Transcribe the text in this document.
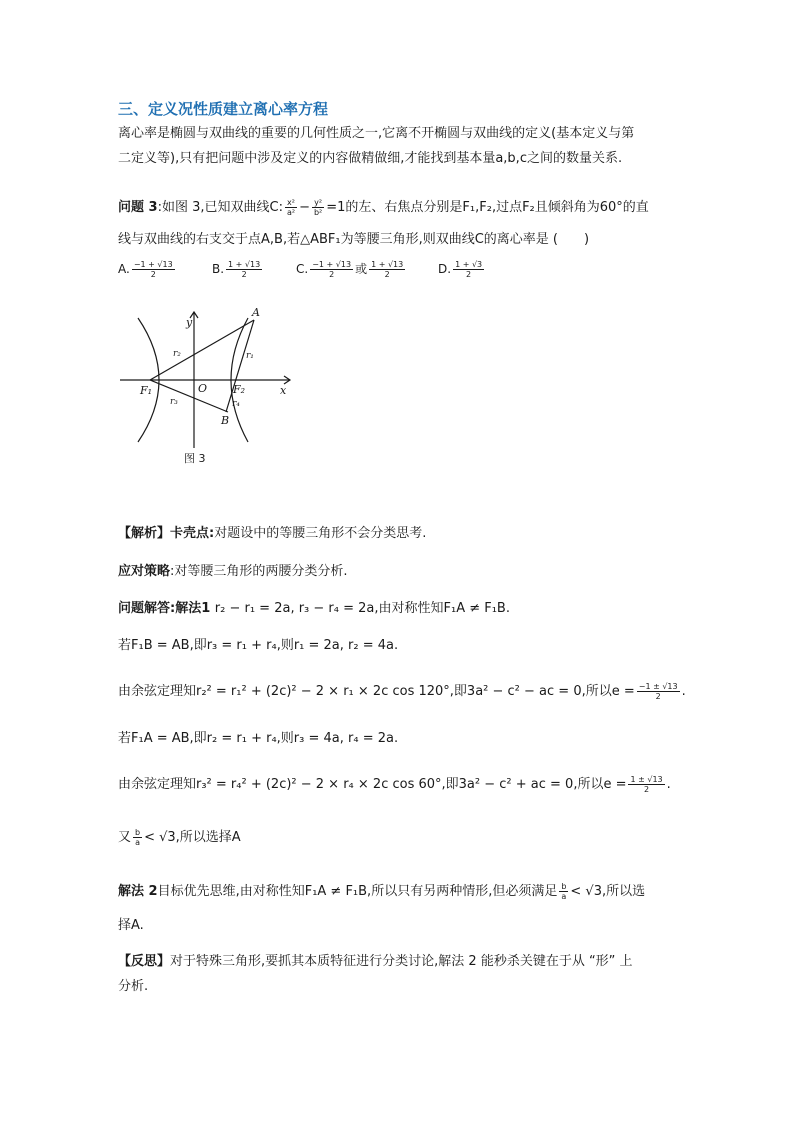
三、定义况性质建立离心率方程
离心率是椭圆与双曲线的重要的几何性质之一,它离不开椭圆与双曲线的定义(基本定义与第
二定义等),只有把问题中涉及定义的内容做精做细,才能找到基本量a,b,c之间的数量关系.
问题 3:如图 3,已知双曲线C: $\frac{\text{x²}}{\text{a²}} - \frac{\text{y²}}{\text{b²}} =1$的左、右焦点分别是F₁,F₂,过点F₂且倾斜角为60°的直
线与双曲线的右支交于点A,B,若△ABF₁为等腰三角形,则双曲线C的离心率是 (　　)
A. $\frac{-1 + √13}{2}$	B. $\frac{1 + √13}{2}$	C. $\frac{-1 + √13}{2}$ 或 $\frac{1 + √13}{2}$	D. $\frac{1 + √3}{2}$
y
x
A
B
O
F₁	F₂
r₁
r₂
r₃	r₄
图 3
【解析】卡壳点:对题设中的等腰三角形不会分类思考.
应对策略:对等腰三角形的两腰分类分析.
问题解答:解法1 r₂ − r₁ = 2a, r₃ − r₄ = 2a,由对称性知F₁A ≠ F₁B.
若F₁B = AB,即r₃ = r₁ + r₄,则r₁ = 2a, r₂ = 4a.
由余弦定理知r₂² = r₁² + (2c)² − 2 × r₁ × 2c cos 120°,即3a² − c² − ac = 0,所以$e = \frac{-1 \pm √13}{2}$ .
若F₁A = AB,即r₂ = r₁ + r₄,则r₃ = 4a, r₄ = 2a.
由余弦定理知r₃² = r₄² + (2c)² − 2 × r₄ × 2c cos 60°,即3a² − c² + ac = 0,所以$e = \frac{1 \pm √13}{2}$ .
又 $\frac{b}{a} < √3$,所以选择A
解法 2目标优先思维,由对称性知F₁A ≠ F₁B,所以只有另两种情形,但必须满足 $\frac{b}{a} < √3$,所以选
择A.
【反思】对于特殊三角形,要抓其本质特征进行分类讨论,解法 2 能秒杀关键在于从 “形” 上
分析.
